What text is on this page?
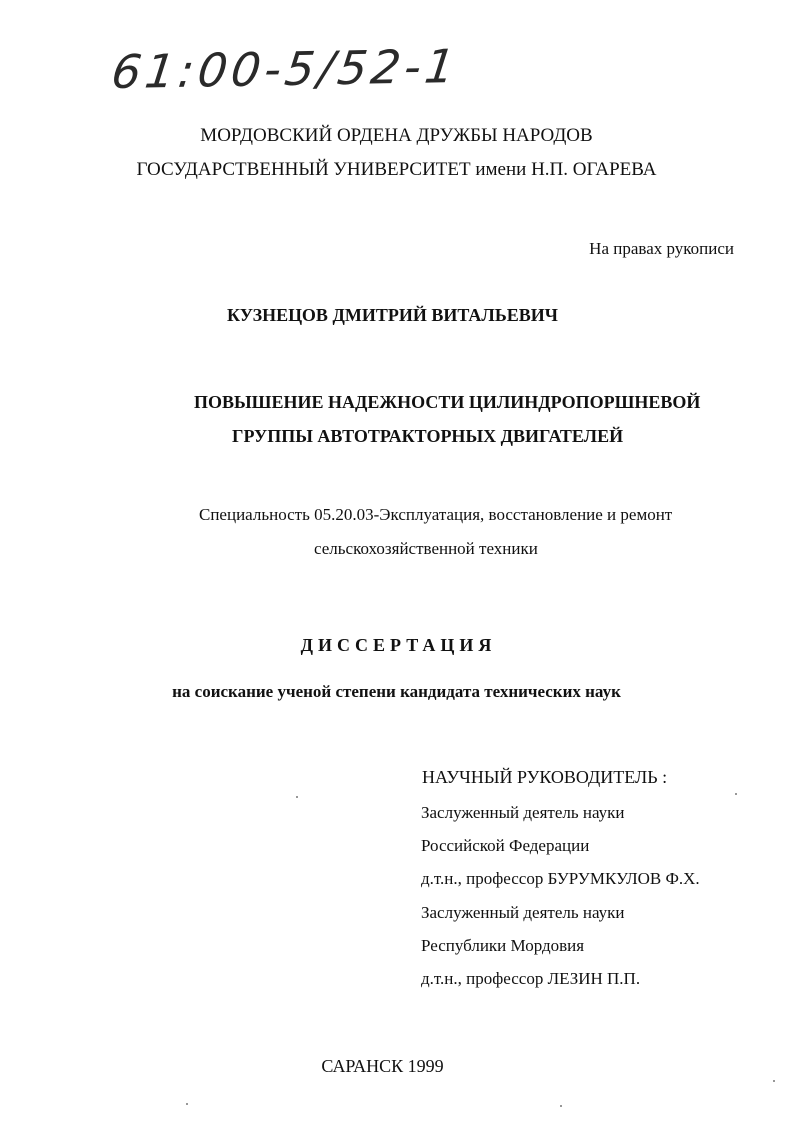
61:00-5/52-1
МОРДОВСКИЙ ОРДЕНА ДРУЖБЫ НАРОДОВ
ГОСУДАРСТВЕННЫЙ УНИВЕРСИТЕТ имени Н.П. ОГАРЕВА
На правах рукописи
КУЗНЕЦОВ ДМИТРИЙ ВИТАЛЬЕВИЧ
ПОВЫШЕНИЕ НАДЕЖНОСТИ ЦИЛИНДРОПОРШНЕВОЙ
ГРУППЫ АВТОТРАКТОРНЫХ ДВИГАТЕЛЕЙ
Специальность 05.20.03-Эксплуатация, восстановление и ремонт
сельскохозяйственной техники
ДИССЕРТАЦИЯ
на соискание ученой степени кандидата технических наук
НАУЧНЫЙ РУКОВОДИТЕЛЬ :
Заслуженный деятель науки
Российской Федерации
д.т.н., профессор БУРУМКУЛОВ Ф.Х.
Заслуженный деятель науки
Республики Мордовия
д.т.н., профессор ЛЕЗИН П.П.
САРАНСК 1999
